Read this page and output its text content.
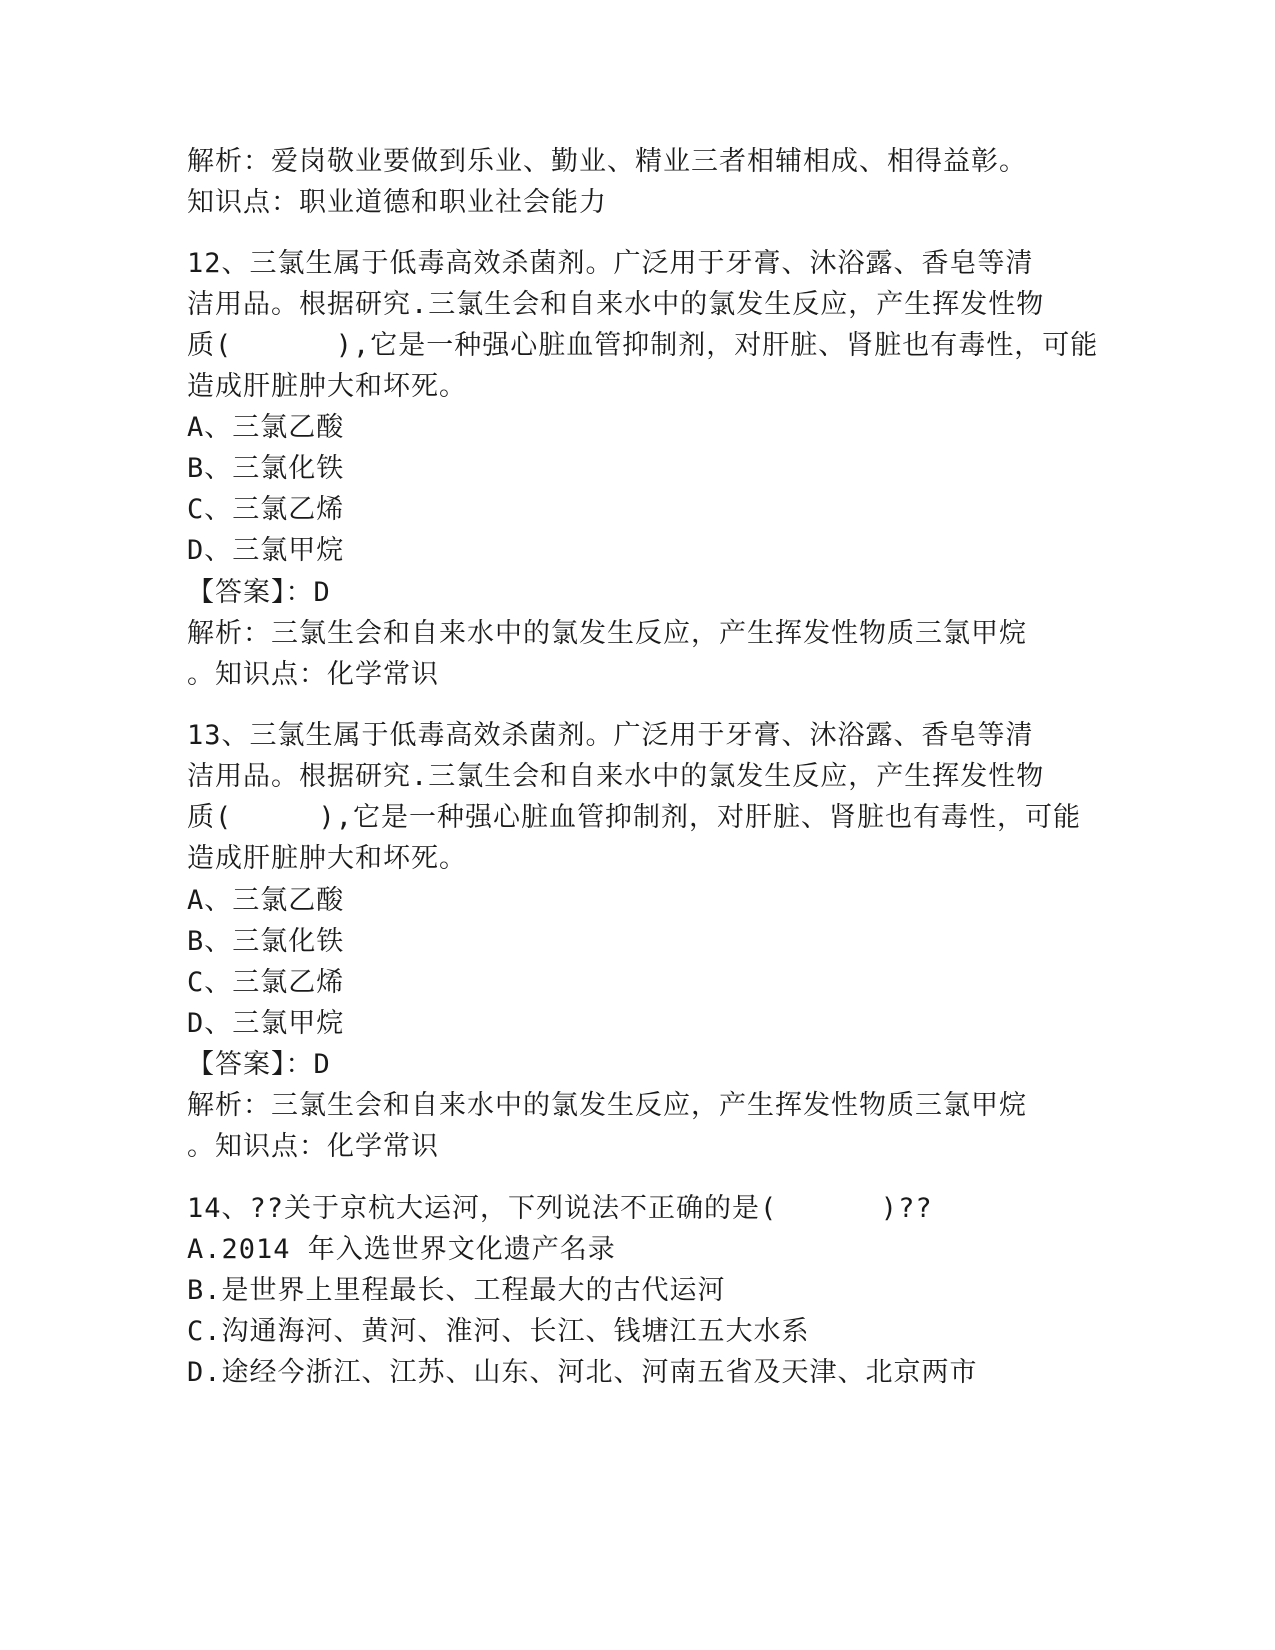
解析：爱岗敬业要做到乐业、勤业、精业三者相辅相成、相得益彰。
知识点：职业道德和职业社会能力
12、三氯生属于低毒高效杀菌剂。广泛用于牙膏、沐浴露、香皂等清
洁用品。根据研究.三氯生会和自来水中的氯发生反应，产生挥发性物
质(      ),它是一种强心脏血管抑制剂，对肝脏、肾脏也有毒性，可能
造成肝脏肿大和坏死。
A、三氯乙酸
B、三氯化铁
C、三氯乙烯
D、三氯甲烷
【答案】：D
解析：三氯生会和自来水中的氯发生反应，产生挥发性物质三氯甲烷
。知识点：化学常识
13、三氯生属于低毒高效杀菌剂。广泛用于牙膏、沐浴露、香皂等清
洁用品。根据研究.三氯生会和自来水中的氯发生反应，产生挥发性物
质(     ),它是一种强心脏血管抑制剂，对肝脏、肾脏也有毒性，可能
造成肝脏肿大和坏死。
A、三氯乙酸
B、三氯化铁
C、三氯乙烯
D、三氯甲烷
【答案】：D
解析：三氯生会和自来水中的氯发生反应，产生挥发性物质三氯甲烷
。知识点：化学常识
14、??关于京杭大运河，下列说法不正确的是(      )??
A.2014 年入选世界文化遗产名录
B.是世界上里程最长、工程最大的古代运河
C.沟通海河、黄河、淮河、长江、钱塘江五大水系
D.途经今浙江、江苏、山东、河北、河南五省及天津、北京两市
